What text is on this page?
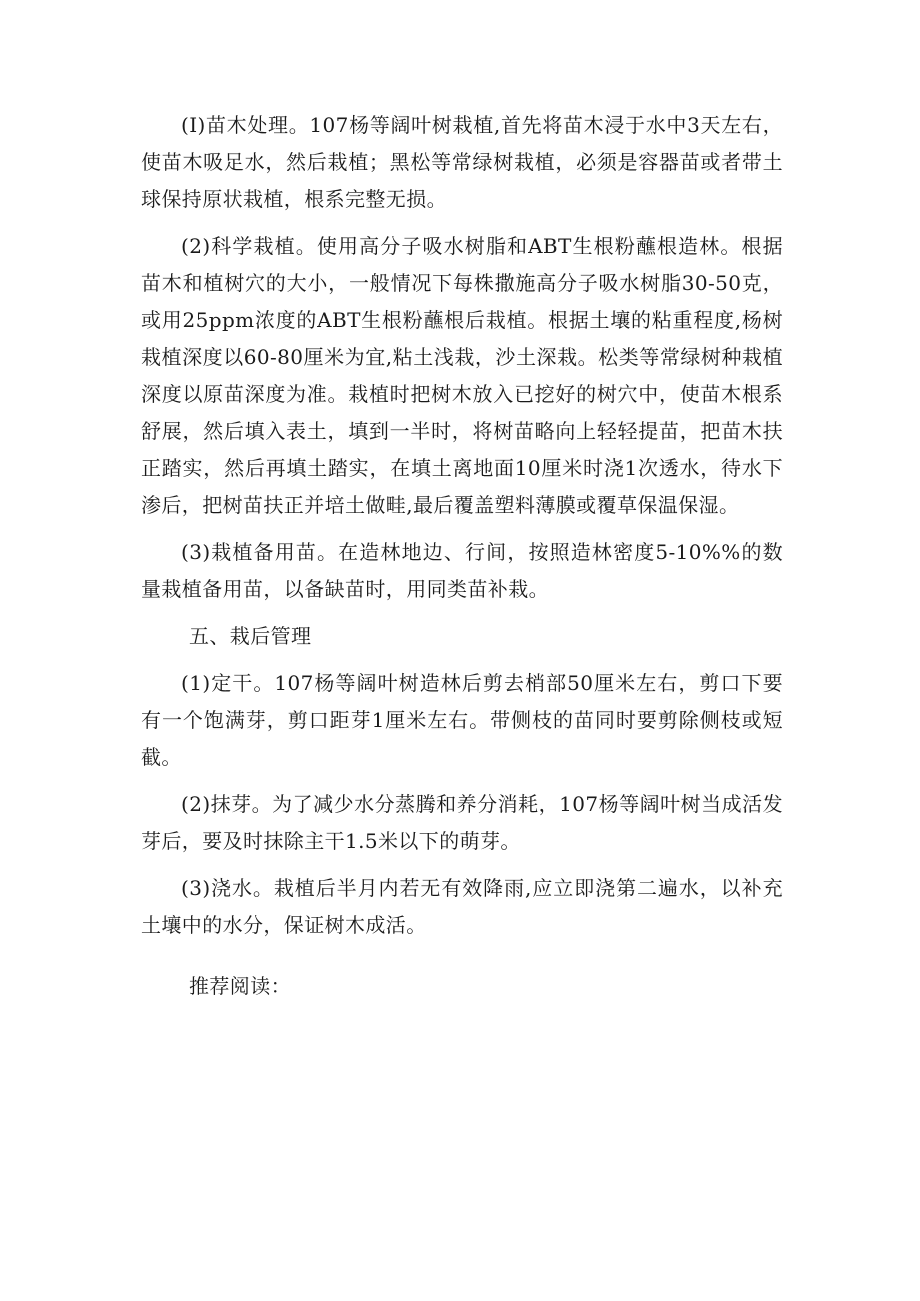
(I)苗木处理。107杨等阔叶树栽植,首先将苗木浸于水中3天左右，使苗木吸足水，然后栽植；黑松等常绿树栽植，必须是容器苗或者带土球保持原状栽植，根系完整无损。

(2)科学栽植。使用高分子吸水树脂和ABT生根粉蘸根造林。根据苗木和植树穴的大小，一般情况下每株撒施高分子吸水树脂30-50克，或用25ppm浓度的ABT生根粉蘸根后栽植。根据土壤的粘重程度,杨树栽植深度以60-80厘米为宜,粘土浅栽，沙土深栽。松类等常绿树种栽植深度以原苗深度为准。栽植时把树木放入已挖好的树穴中，使苗木根系舒展，然后填入表土，填到一半时，将树苗略向上轻轻提苗，把苗木扶正踏实，然后再填土踏实，在填土离地面10厘米时浇1次透水，待水下渗后，把树苗扶正并培土做畦,最后覆盖塑料薄膜或覆草保温保湿。

(3)栽植备用苗。在造林地边、行间，按照造林密度5-10%%的数量栽植备用苗，以备缺苗时，用同类苗补栽。

五、栽后管理

(1)定干。107杨等阔叶树造林后剪去梢部50厘米左右，剪口下要有一个饱满芽，剪口距芽1厘米左右。带侧枝的苗同时要剪除侧枝或短截。

(2)抹芽。为了减少水分蒸腾和养分消耗，107杨等阔叶树当成活发芽后，要及时抹除主干1.5米以下的萌芽。

(3)浇水。栽植后半月内若无有效降雨,应立即浇第二遍水，以补充土壤中的水分，保证树木成活。

推荐阅读：
